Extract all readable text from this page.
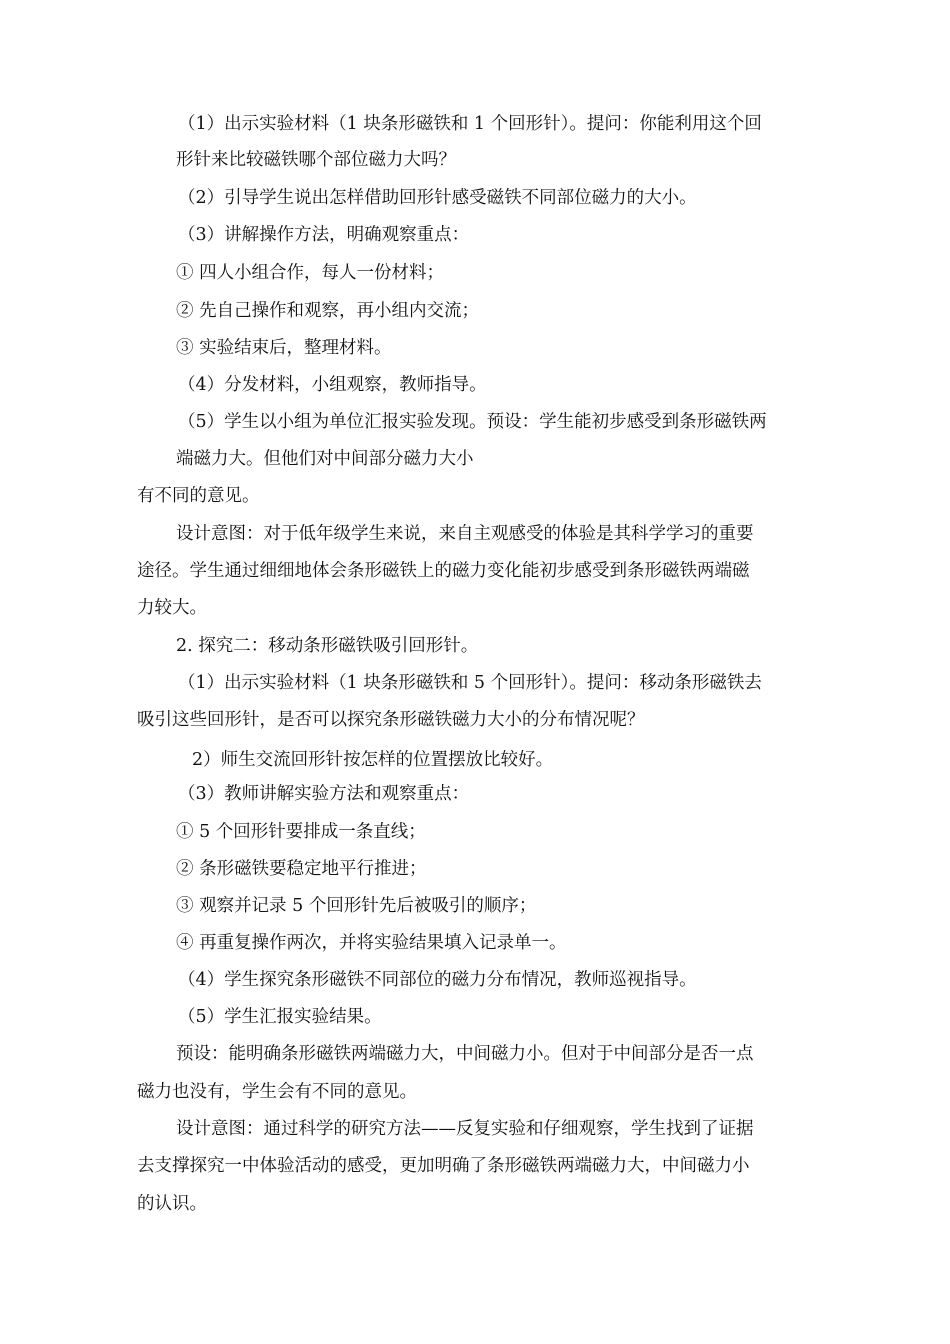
（1）出示实验材料（1 块条形磁铁和 1 个回形针）。提问：你能利用这个回
形针来比较磁铁哪个部位磁力大吗？
（2）引导学生说出怎样借助回形针感受磁铁不同部位磁力的大小。
（3）讲解操作方法，明确观察重点：
① 四人小组合作，每人一份材料；
② 先自己操作和观察，再小组内交流；
③ 实验结束后，整理材料。
（4）分发材料，小组观察，教师指导。
（5）学生以小组为单位汇报实验发现。预设：学生能初步感受到条形磁铁两
端磁力大。但他们对中间部分磁力大小
有不同的意见。
设计意图：对于低年级学生来说，来自主观感受的体验是其科学学习的重要
途径。学生通过细细地体会条形磁铁上的磁力变化能初步感受到条形磁铁两端磁
力较大。
2. 探究二：移动条形磁铁吸引回形针。
（1）出示实验材料（1 块条形磁铁和 5 个回形针）。提问：移动条形磁铁去
吸引这些回形针，是否可以探究条形磁铁磁力大小的分布情况呢？
2）师生交流回形针按怎样的位置摆放比较好。
（3）教师讲解实验方法和观察重点：
① 5 个回形针要排成一条直线；
② 条形磁铁要稳定地平行推进；
③ 观察并记录 5 个回形针先后被吸引的顺序；
④ 再重复操作两次，并将实验结果填入记录单一。
（4）学生探究条形磁铁不同部位的磁力分布情况，教师巡视指导。
（5）学生汇报实验结果。
预设：能明确条形磁铁两端磁力大，中间磁力小。但对于中间部分是否一点
磁力也没有，学生会有不同的意见。
设计意图：通过科学的研究方法——反复实验和仔细观察，学生找到了证据
去支撑探究一中体验活动的感受，更加明确了条形磁铁两端磁力大，中间磁力小
的认识。
